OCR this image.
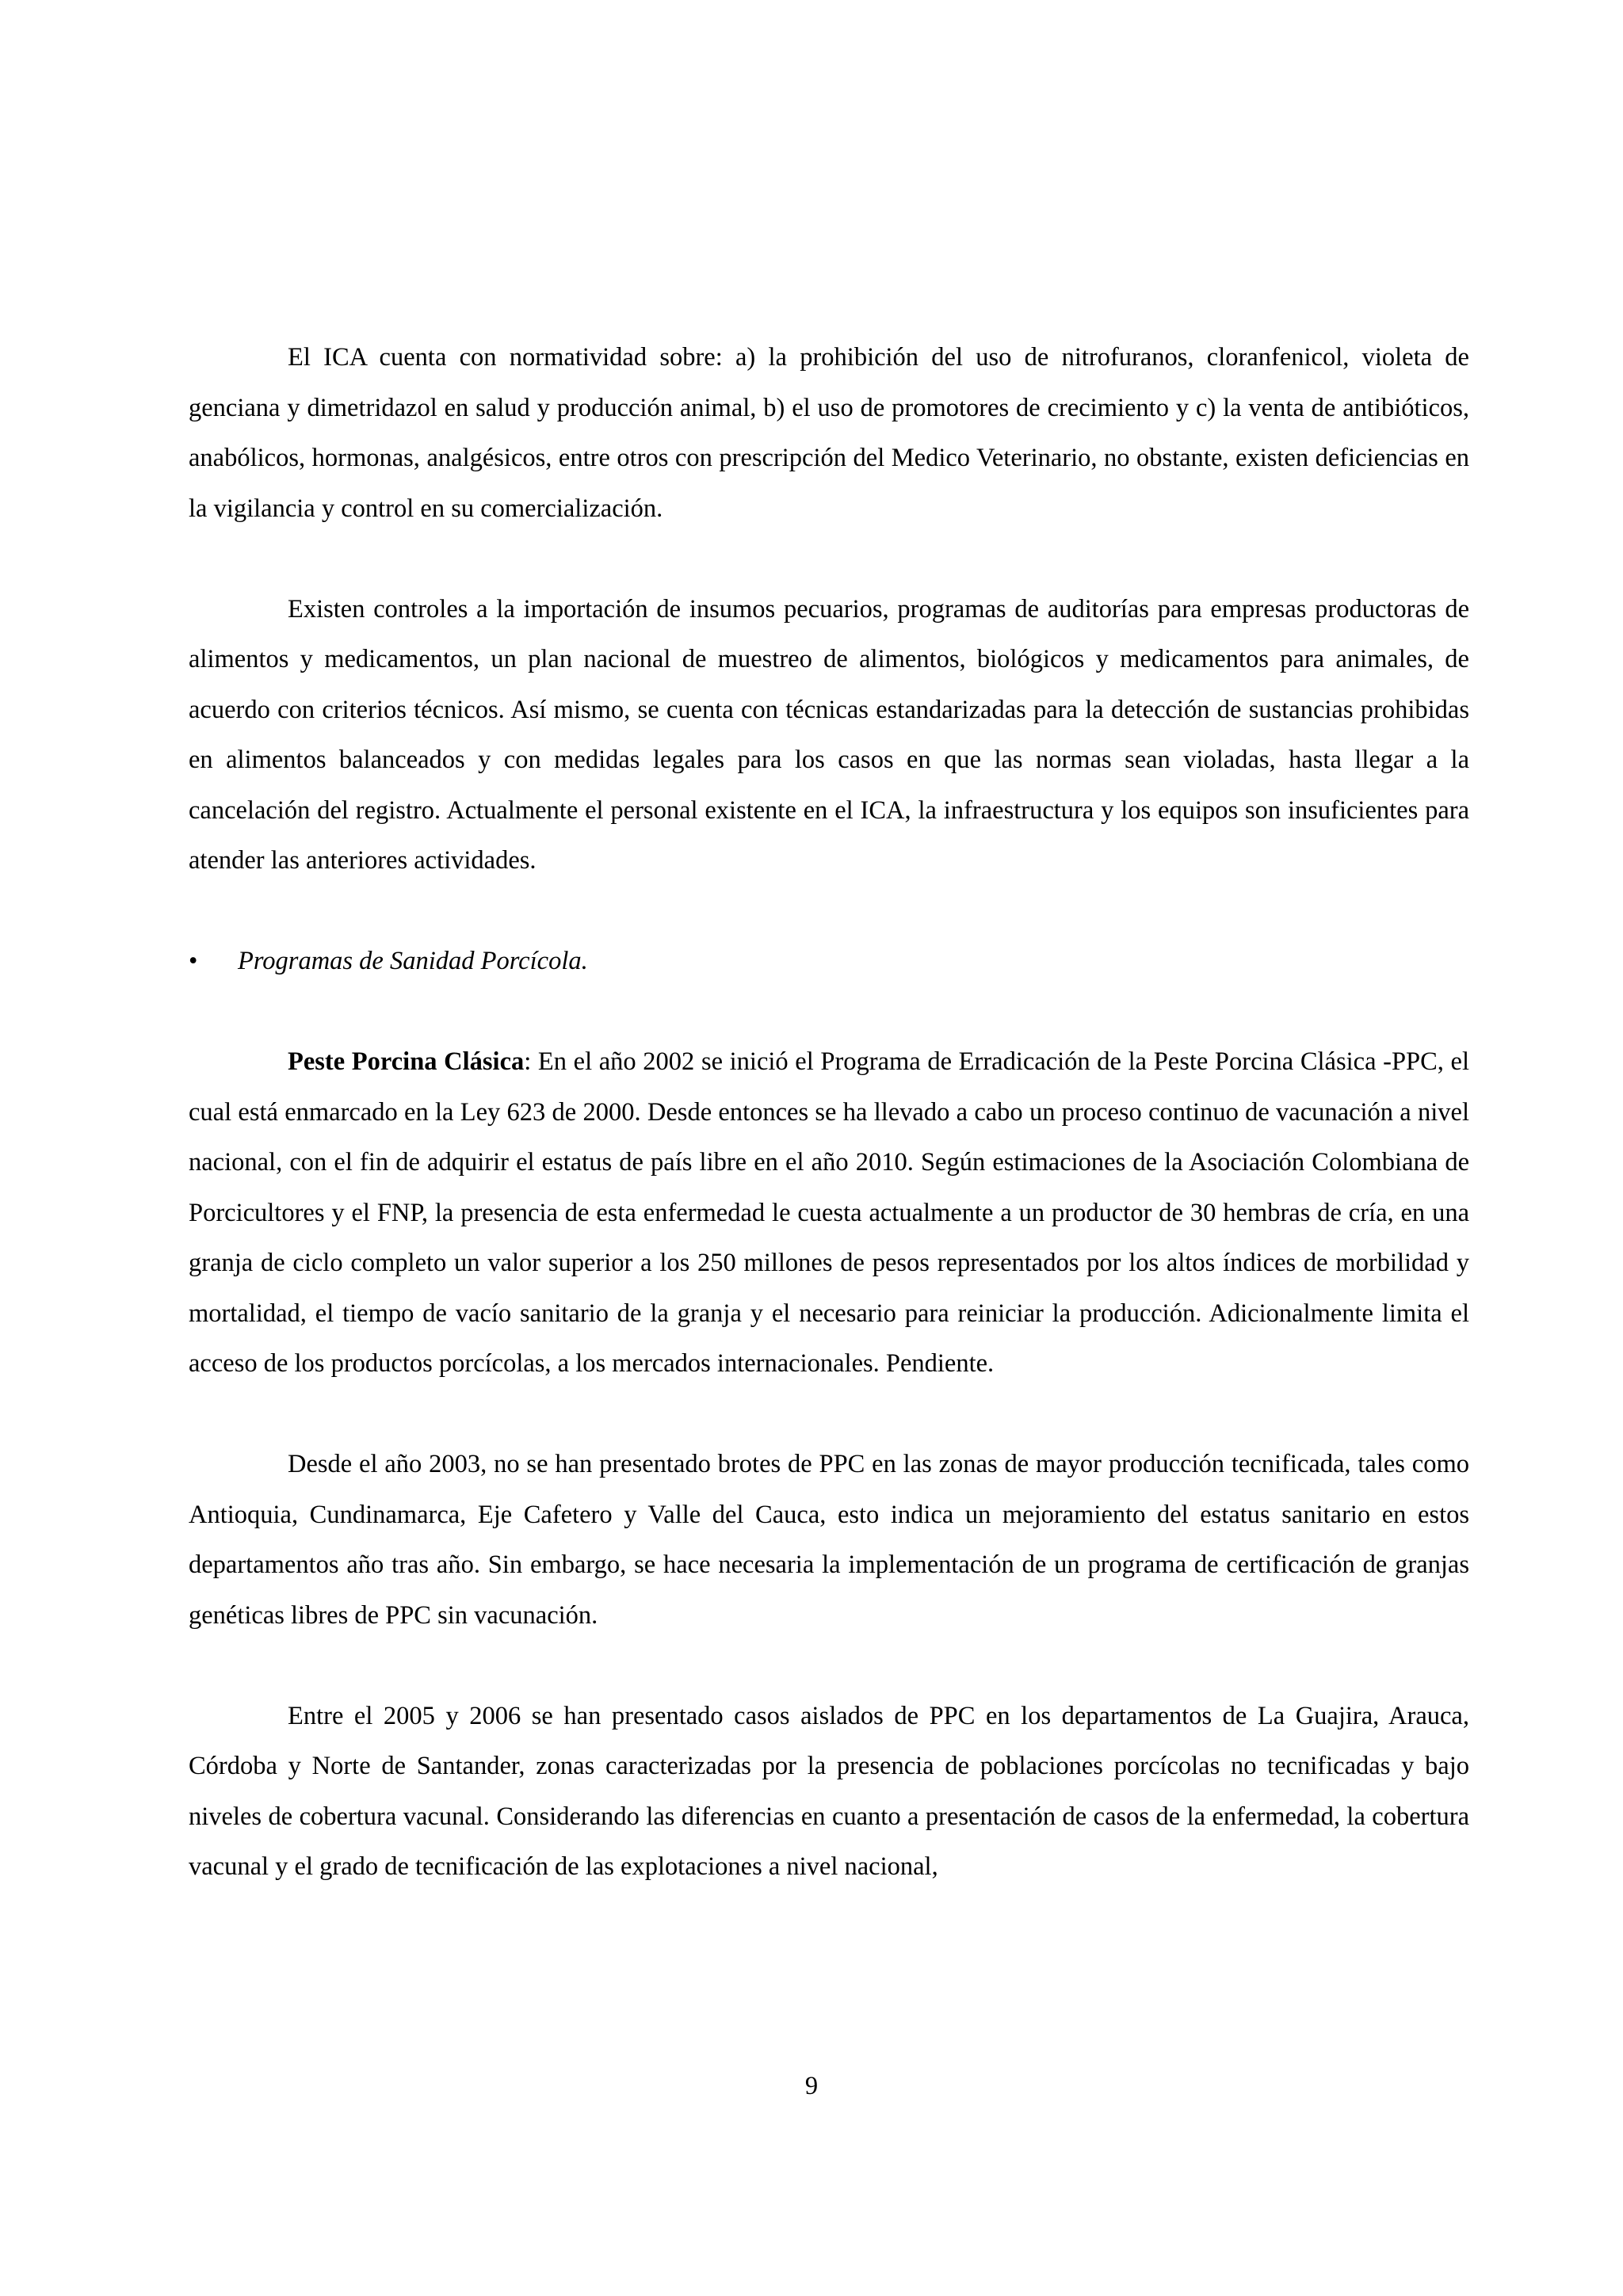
El ICA cuenta con normatividad sobre: a) la prohibición del uso de nitrofuranos, cloranfenicol, violeta de genciana y dimetridazol en salud y producción animal, b) el uso de promotores de crecimiento y c) la venta de antibióticos, anabólicos, hormonas, analgésicos, entre otros con prescripción del Medico Veterinario, no obstante, existen deficiencias en la vigilancia y control en su comercialización.

Existen controles a la importación de insumos pecuarios, programas de auditorías para empresas productoras de alimentos y medicamentos, un plan nacional de muestreo de alimentos, biológicos y medicamentos para animales, de acuerdo con criterios técnicos. Así mismo, se cuenta con técnicas estandarizadas para la detección de sustancias prohibidas en alimentos balanceados y con medidas legales para los casos en que las normas sean violadas, hasta llegar a la cancelación del registro. Actualmente el personal existente en el ICA, la infraestructura y los equipos son insuficientes para atender las anteriores actividades.

•	Programas de Sanidad Porcícola.

Peste Porcina Clásica: En el año 2002 se inició el Programa de Erradicación de la Peste Porcina Clásica -PPC, el cual está enmarcado en la Ley 623 de 2000. Desde entonces se ha llevado a cabo un proceso continuo de vacunación a nivel nacional, con el fin de adquirir el estatus de país libre en el año 2010. Según estimaciones de la Asociación Colombiana de Porcicultores y el FNP, la presencia de esta enfermedad le cuesta actualmente a un productor de 30 hembras de cría, en una granja de ciclo completo un valor superior a los 250 millones de pesos representados por los altos índices de morbilidad y mortalidad, el tiempo de vacío sanitario de la granja y el necesario para reiniciar la producción. Adicionalmente limita el acceso de los productos porcícolas, a los mercados internacionales. Pendiente.

Desde el año 2003, no se han presentado brotes de PPC en las zonas de mayor producción tecnificada, tales como Antioquia, Cundinamarca, Eje Cafetero y Valle del Cauca, esto indica un mejoramiento del estatus sanitario en estos departamentos año tras año. Sin embargo, se hace necesaria la implementación de un programa de certificación de granjas genéticas libres de PPC sin vacunación.

Entre el 2005 y 2006 se han presentado casos aislados de PPC en los departamentos de La Guajira, Arauca, Córdoba y Norte de Santander, zonas caracterizadas por la presencia de poblaciones porcícolas no tecnificadas y bajo niveles de cobertura vacunal. Considerando las diferencias en cuanto a presentación de casos de la enfermedad, la cobertura vacunal y el grado de tecnificación de las explotaciones a nivel nacional,

9
